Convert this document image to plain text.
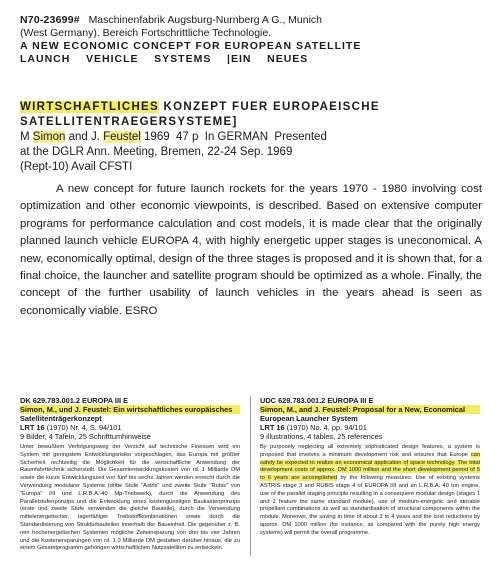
N70-23699# Maschinenfabrik Augsburg-Nurnberg A G., Munich
(West Germany). Bereich Fortschrittliche Technologie.
A NEW ECONOMIC CONCEPT FOR EUROPEAN SATELLITE
LAUNCH    VEHICLE    SYSTEMS    |EIN    NEUES
WIRTSCHAFTLICHES KONZEPT FUER EUROPAEISCHE
SATELLITENTRAEGERSYSTEME]
M Simon and J. Feustel 1969  47 p  In GERMAN  Presented
at the DGLR Ann. Meeting, Bremen, 22-24 Sep. 1969
(Rept-10) Avail CFSTI

A new concept for future launch rockets for the years 1970 - 1980 involving cost optimization and other economic viewpoints, is described. Based on extensive computer programs for performance calculation and cost models, it is made clear that the originally planned launch vehicle EUROPA 4, with highly energetic upper stages is uneconomical. A new, economically optimal, design of the three stages is proposed and it is shown that, for a final choice, the launcher and satellite program should be optimized as a whole. Finally, the concept of the further usability of launch vehicles in the years ahead is seen as economically viable. ESRO

DK 629.783.001.2 EUROPA III E
Simon, M., und J. Feustel: Ein wirtschaftliches europäisches
Satellitenträgerkonzept
LRT 16 (1970) Nr. 4, S. 94/101
9 Bilder, 4 Tafeln, 25 Schrifttumhinweise
Unter bewußtem Verfolgungsweg der Verzicht auf technische Finessen wird ein System mit geringstem Entwicklungsrisiko vorgeschlagen, das Europa mit größter Sicherheit rechtzeitig die Möglichkeit für die wirtschaftliche Anwendung der Raumfahrttechnik sicherstellt. Die Gesamtentwicklungskosten von rd. 1 Milliarde DM sowie die kurze Entwicklungszeit von fünf bis sechs Jahren werden erreicht durch die Verwendung modularer Systeme (dritte Stufe "Astris" und zweite Stufe "Rubis" von "Europa" I/II und L.R.B.A.-40 Mp-Triebwerk), durch die Anwendung des Parallelstufenprinzips und die Entwicklung eines kostengünstigen Baukastenprinzips (erste und zweite Stufe verwenden die gleiche Bauteile), durch die Verwendung mittelenergetischer, lagerfähiger Treibstoffkombinationen sowie durch die Standardisierung von Strukturbauteilen innerhalb der Baueinheit. Die gegenüber z. B. rein hochenergetischen Systemen mögliche Zeiteinsparung von drei bis vier Jahren und die Kostenersparungen von rd. 1,0 Milliarde DM gestatten darüber hinaus, die zu einem Gesamtprogramm gehörigen wirtschaftlichen Nutzsatelliten zu entwickeln.
UDC 629.783.001.2 EUROPA III E
Simon, M., and J. Feustel: Proposal for a New, Economical
European Launcher System
LRT 16 (1970) No. 4, pp. 94/101
9 illustrations, 4 tables, 25 references
By purposely neglecting all extremely sophisticated design features, a system is proposed that involves a minimum development risk and ensures that Europe can safely be expected to realize an economical application of space technology. The total development costs of approx. DM 1000 million and the short development period of 5 to 6 years are accomplished by the following measures: Use of existing systems ASTRIS stage 3 and RUBIS stage 4 of EUROPA I/II and an L.R.B.A. 40 ton engine, use of the parallel staging principle resulting in a consequent modular design (stages 1 and 2 feature the same standard module), use of medium-energetic and storable propellant combinations as well as standardisation of structural components within the module. Moreover, the saving in time of about 3 to 4 years and the cost reductions by approx. DM 1000 million (for instance, as compared with the purely high energy systems) will permit the overall programme.
